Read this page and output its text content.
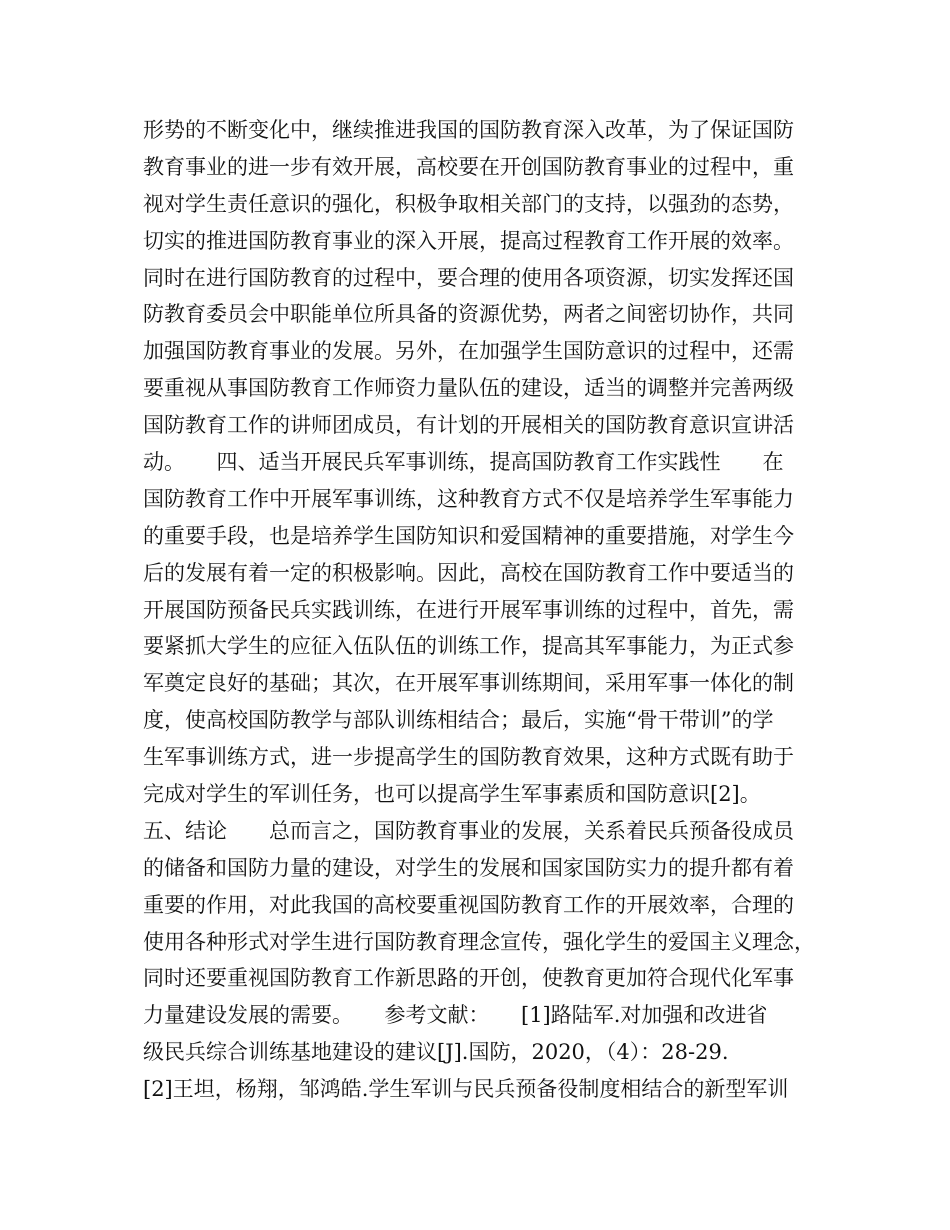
形势的不断变化中，继续推进我国的国防教育深入改革，为了保证国防
教育事业的进一步有效开展，高校要在开创国防教育事业的过程中，重
视对学生责任意识的强化，积极争取相关部门的支持，以强劲的态势，
切实的推进国防教育事业的深入开展，提高过程教育工作开展的效率。
同时在进行国防教育的过程中，要合理的使用各项资源，切实发挥还国
防教育委员会中职能单位所具备的资源优势，两者之间密切协作，共同
加强国防教育事业的发展。另外，在加强学生国防意识的过程中，还需
要重视从事国防教育工作师资力量队伍的建设，适当的调整并完善两级
国防教育工作的讲师团成员，有计划的开展相关的国防教育意识宣讲活
动。　　四、适当开展民兵军事训练，提高国防教育工作实践性　　在
国防教育工作中开展军事训练，这种教育方式不仅是培养学生军事能力
的重要手段，也是培养学生国防知识和爱国精神的重要措施，对学生今
后的发展有着一定的积极影响。因此，高校在国防教育工作中要适当的
开展国防预备民兵实践训练，在进行开展军事训练的过程中，首先，需
要紧抓大学生的应征入伍队伍的训练工作，提高其军事能力，为正式参
军奠定良好的基础；其次，在开展军事训练期间，采用军事一体化的制
度，使高校国防教学与部队训练相结合；最后，实施“骨干带训”的学
生军事训练方式，进一步提高学生的国防教育效果，这种方式既有助于
完成对学生的军训任务，也可以提高学生军事素质和国防意识[2]。
五、结论　　总而言之，国防教育事业的发展，关系着民兵预备役成员
的储备和国防力量的建设，对学生的发展和国家国防实力的提升都有着
重要的作用，对此我国的高校要重视国防教育工作的开展效率，合理的
使用各种形式对学生进行国防教育理念宣传，强化学生的爱国主义理念，
同时还要重视国防教育工作新思路的开创，使教育更加符合现代化军事
力量建设发展的需要。　　参考文献：　　[1]路陆军.对加强和改进省
级民兵综合训练基地建设的建议[J].国防，2020，（4）：28-29.
[2]王坦，杨翔，邹鸿皓.学生军训与民兵预备役制度相结合的新型军训
